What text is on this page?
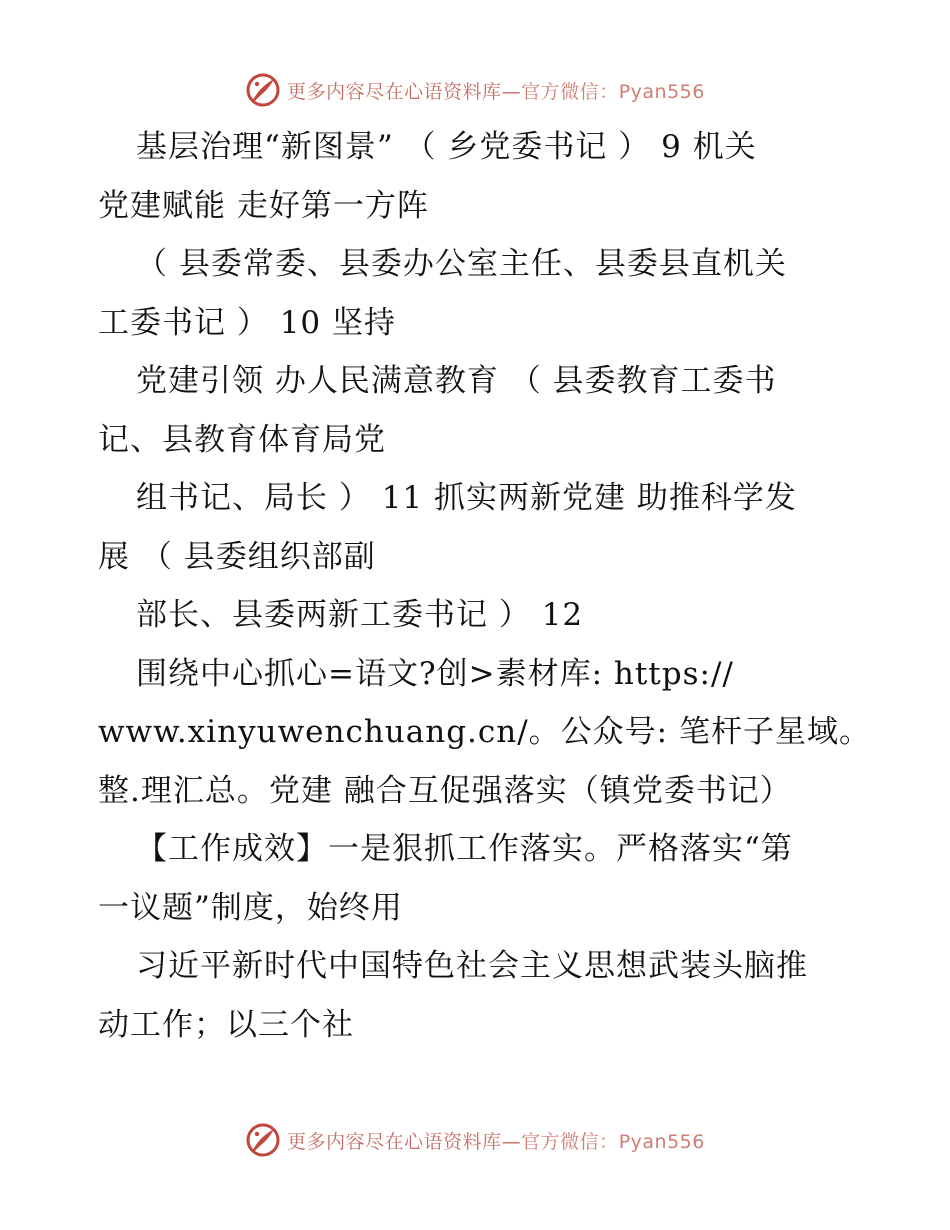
更多内容尽在心语资料库—官方微信：Pyan556
基层治理“新图景” （ 乡党委书记 ） 9 机关
党建赋能 走好第一方阵
（ 县委常委、县委办公室主任、县委县直机关
工委书记 ） 10 坚持
党建引领 办人民满意教育 （ 县委教育工委书
记、县教育体育局党
组书记、局长 ） 11 抓实两新党建 助推科学发
展 （ 县委组织部副
部长、县委两新工委书记 ） 12
围绕中心抓心=语文?创>素材库: https://
www.xinyuwenchuang.cn/。公众号: 笔杆子星域。
整.理汇总。党建 融合互促强落实（镇党委书记）
【工作成效】一是狠抓工作落实。严格落实“第
一议题”制度，始终用
习近平新时代中国特色社会主义思想武装头脑推
动工作；以三个社
更多内容尽在心语资料库—官方微信：Pyan556
